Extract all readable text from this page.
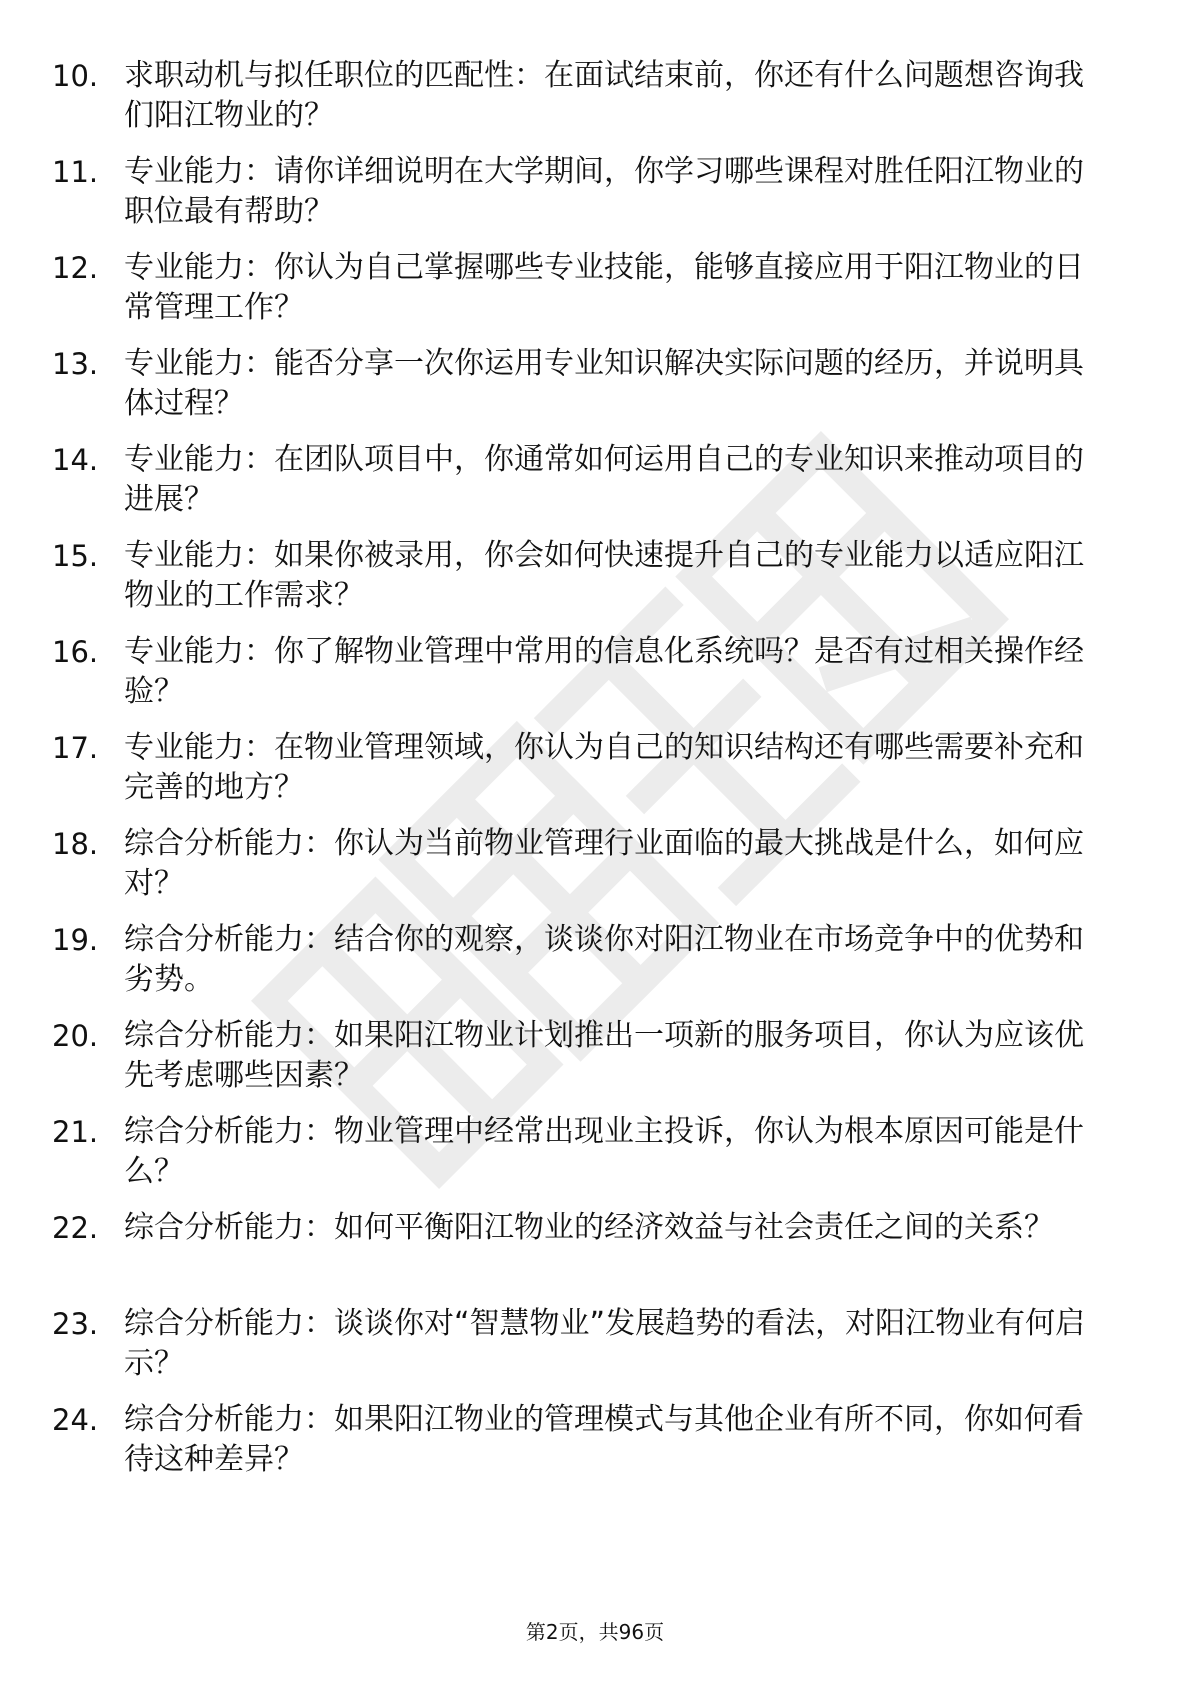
10. 求职动机与拟任职位的匹配性：在面试结束前，你还有什么问题想咨询我们阳江物业的？
11. 专业能力：请你详细说明在大学期间，你学习哪些课程对胜任阳江物业的职位最有帮助？
12. 专业能力：你认为自己掌握哪些专业技能，能够直接应用于阳江物业的日常管理工作？
13. 专业能力：能否分享一次你运用专业知识解决实际问题的经历，并说明具体过程？
14. 专业能力：在团队项目中，你通常如何运用自己的专业知识来推动项目的进展？
15. 专业能力：如果你被录用，你会如何快速提升自己的专业能力以适应阳江物业的工作需求？
16. 专业能力：你了解物业管理中常用的信息化系统吗？是否有过相关操作经验？
17. 专业能力：在物业管理领域，你认为自己的知识结构还有哪些需要补充和完善的地方？
18. 综合分析能力：你认为当前物业管理行业面临的最大挑战是什么，如何应对？
19. 综合分析能力：结合你的观察，谈谈你对阳江物业在市场竞争中的优势和劣势。
20. 综合分析能力：如果阳江物业计划推出一项新的服务项目，你认为应该优先考虑哪些因素？
21. 综合分析能力：物业管理中经常出现业主投诉，你认为根本原因可能是什么？
22. 综合分析能力：如何平衡阳江物业的经济效益与社会责任之间的关系？
23. 综合分析能力：谈谈你对“智慧物业”发展趋势的看法，对阳江物业有何启示？
24. 综合分析能力：如果阳江物业的管理模式与其他企业有所不同，你如何看待这种差异？
第2页，共96页
